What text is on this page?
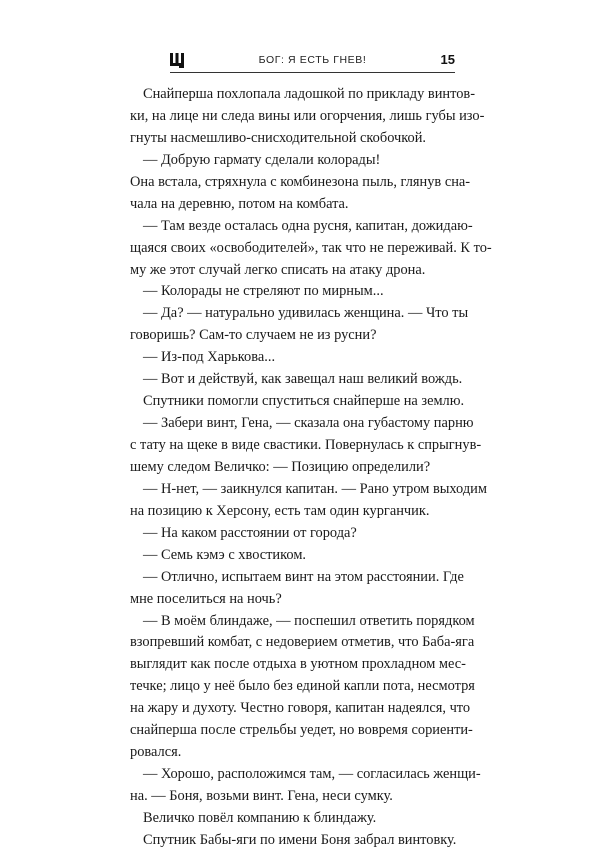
БОГ: Я ЕСТЬ ГНЕВ!	15
Снайперша похлопала ладошкой по прикладу винтов-
ки, на лице ни следа вины или огорчения, лишь губы изо-
гнуты насмешливо-снисходительной скобочкой.
— Добрую гармату сделали колорады!
Она встала, стряхнула с комбинезона пыль, глянув сна-
чала на деревню, потом на комбата.
— Там везде осталась одна русня, капитан, дожидаю-
щаяся своих «освободителей», так что не переживай. К то-
му же этот случай легко списать на атаку дрона.
— Колорады не стреляют по мирным...
— Да? — натурально удивилась женщина. — Что ты
говоришь? Сам-то случаем не из русни?
— Из-под Харькова...
— Вот и действуй, как завещал наш великий вождь.
Спутники помогли спуститься снайперше на землю.
— Забери винт, Гена, — сказала она губастому парню
с тату на щеке в виде свастики. Повернулась к спрыгнув-
шему следом Величко: — Позицию определили?
— Н-нет, — заикнулся капитан. — Рано утром выходим
на позицию к Херсону, есть там один курганчик.
— На каком расстоянии от города?
— Семь кэмэ с хвостиком.
— Отлично, испытаем винт на этом расстоянии. Где
мне поселиться на ночь?
— В моём блиндаже, — поспешил ответить порядком
взопревший комбат, с недоверием отметив, что Баба-яга
выглядит как после отдыха в уютном прохладном мес-
течке; лицо у неё было без единой капли пота, несмотря
на жару и духоту. Честно говоря, капитан надеялся, что
снайперша после стрельбы уедет, но вовремя сориенти-
ровался.
— Хорошо, расположимся там, — согласилась женщи-
на. — Боня, возьми винт. Гена, неси сумку.
Величко повёл компанию к блиндажу.
Спутник Бабы-яги по имени Боня забрал винтовку.
